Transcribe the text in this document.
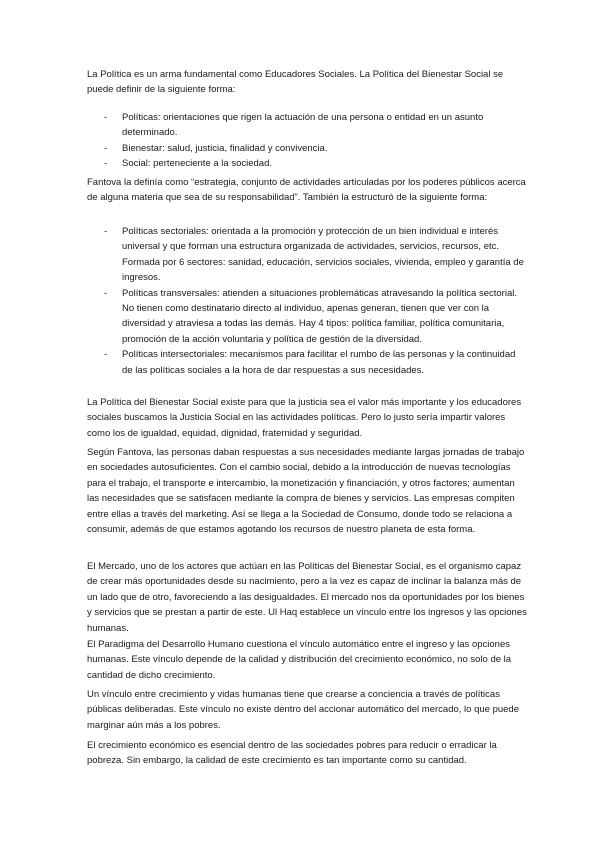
La Política es un arma fundamental como Educadores Sociales. La Política del Bienestar Social se puede definir de la siguiente forma:

- Políticas: orientaciones que rigen la actuación de una persona o entidad en un asunto determinado.
- Bienestar: salud, justicia, finalidad y convivencia.
- Social: perteneciente a la sociedad.

Fantova la definía como “estrategia, conjunto de actividades articuladas por los poderes públicos acerca de alguna materia que sea de su responsabilidad”. También la estructuró de la siguiente forma:

- Políticas sectoriales: orientada a la promoción y protección de un bien individual e interés universal y que forman una estructura organizada de actividades, servicios, recursos, etc. Formada por 6 sectores: sanidad, educación, servicios sociales, vivienda, empleo y garantía de ingresos.
- Políticas transversales: atienden a situaciones problemáticas atravesando la política sectorial. No tienen como destinatario directo al individuo, apenas generan, tienen que ver con la diversidad y atraviesa a todas las demás. Hay 4 tipos: política familiar, política comunitaria, promoción de la acción voluntaria y política de gestión de la diversidad.
- Políticas intersectoriales: mecanismos para facilitar el rumbo de las personas y la continuidad de las políticas sociales a la hora de dar respuestas a sus necesidades.

La Política del Bienestar Social existe para que la justicia sea el valor más importante y los educadores sociales buscamos la Justicia Social en las actividades políticas. Pero lo justo sería impartir valores como los de igualdad, equidad, dignidad, fraternidad y seguridad.

Según Fantova, las personas daban respuestas a sus necesidades mediante largas jornadas de trabajo en sociedades autosuficientes. Con el cambio social, debido a la introducción de nuevas tecnologías para el trabajo, el transporte e intercambio, la monetización y financiación, y otros factores; aumentan las necesidades que se satisfacen mediante la compra de bienes y servicios. Las empresas compiten entre ellas a través del marketing. Así se llega a la Sociedad de Consumo, donde todo se relaciona a consumir, además de que estamos agotando los recursos de nuestro planeta de esta forma.

El Mercado, uno de los actores que actúan en las Políticas del Bienestar Social, es el organismo capaz de crear más oportunidades desde su nacimiento, pero a la vez es capaz de inclinar la balanza más de un lado que de otro, favoreciendo a las desigualdades. El mercado nos da oportunidades por los bienes y servicios que se prestan a partir de este. Ul Haq establece un vínculo entre los ingresos y las opciones humanas.

El Paradigma del Desarrollo Humano cuestiona el vínculo automático entre el ingreso y las opciones humanas. Este vínculo depende de la calidad y distribución del crecimiento económico, no solo de la cantidad de dicho crecimiento.

Un vínculo entre crecimiento y vidas humanas tiene que crearse a conciencia a través de políticas públicas deliberadas. Este vínculo no existe dentro del accionar automático del mercado, lo que puede marginar aún más a los pobres.

El crecimiento económico es esencial dentro de las sociedades pobres para reducir o erradicar la pobreza. Sin embargo, la calidad de este crecimiento es tan importante como su cantidad.
